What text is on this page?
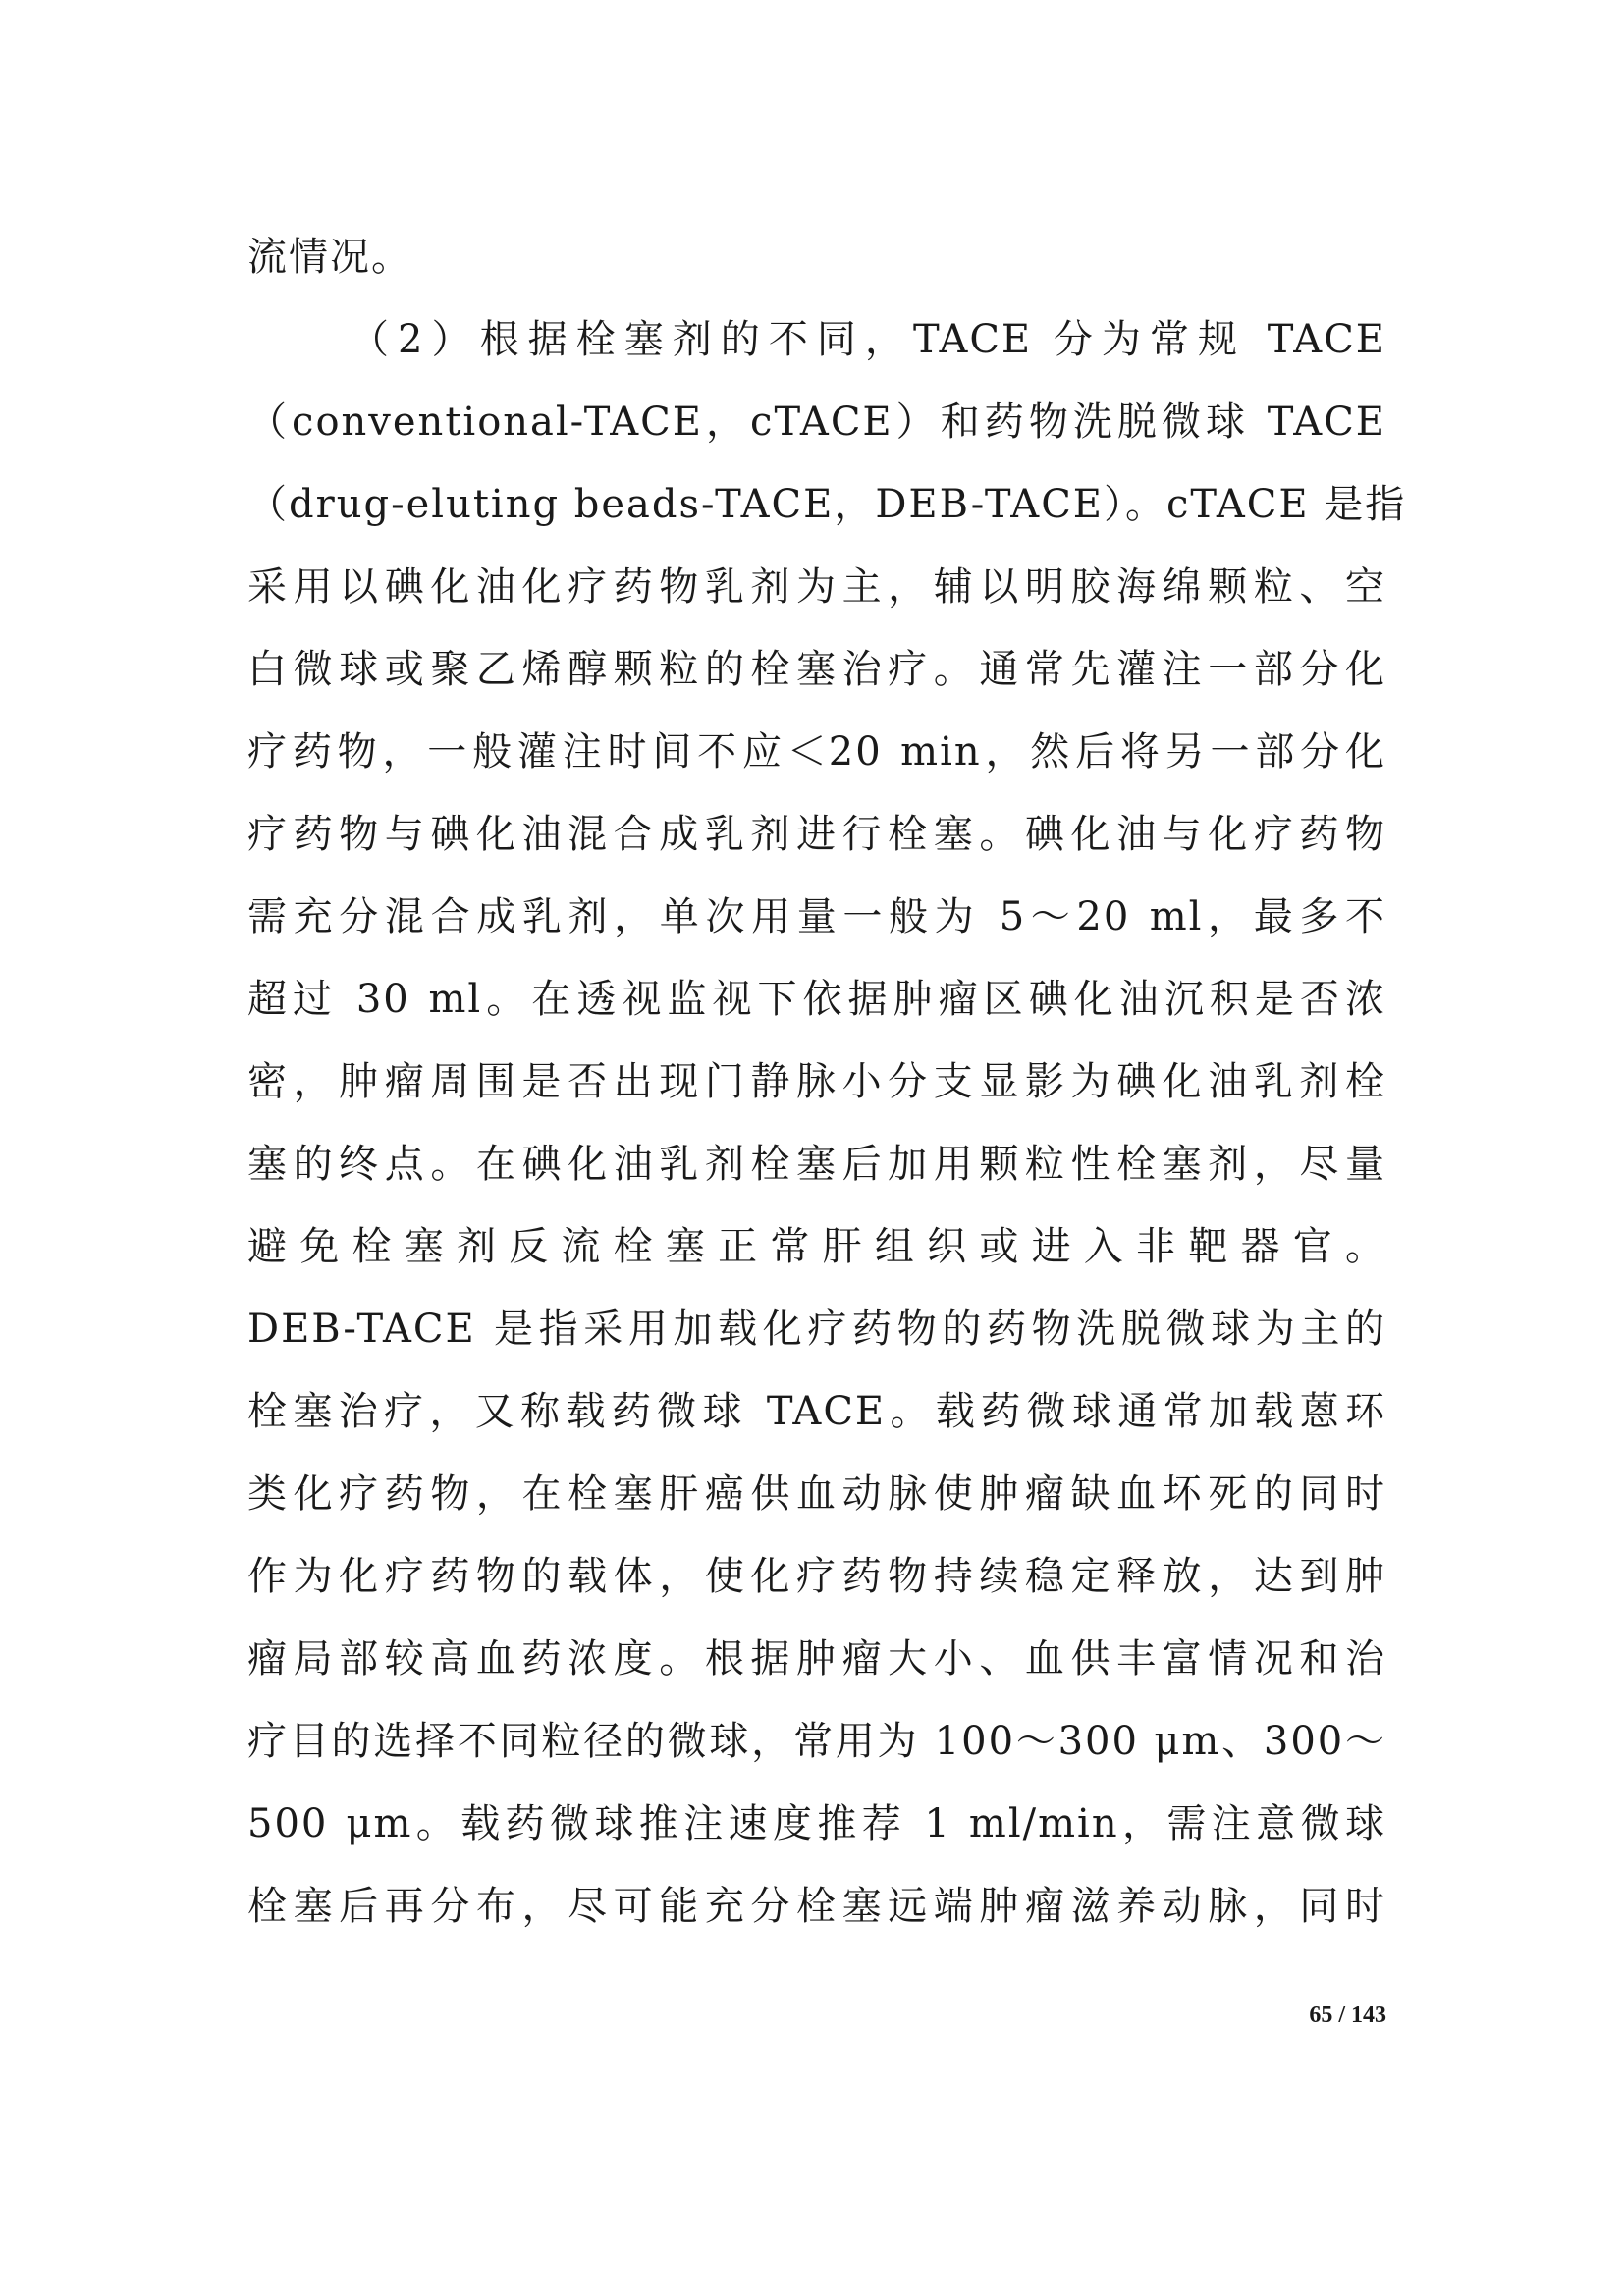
流情况。
（2）根据栓塞剂的不同，TACE 分为常规 TACE
（conventional-TACE，cTACE）和药物洗脱微球 TACE
（drug-eluting beads-TACE，DEB-TACE）。cTACE 是指
采用以碘化油化疗药物乳剂为主，辅以明胶海绵颗粒、空
白微球或聚乙烯醇颗粒的栓塞治疗。通常先灌注一部分化
疗药物，一般灌注时间不应＜20 min，然后将另一部分化
疗药物与碘化油混合成乳剂进行栓塞。碘化油与化疗药物
需充分混合成乳剂，单次用量一般为 5～20 ml，最多不
超过 30 ml。在透视监视下依据肿瘤区碘化油沉积是否浓
密，肿瘤周围是否出现门静脉小分支显影为碘化油乳剂栓
塞的终点。在碘化油乳剂栓塞后加用颗粒性栓塞剂，尽量
避免栓塞剂反流栓塞正常肝组织或进入非靶器官。
DEB-TACE 是指采用加载化疗药物的药物洗脱微球为主的
栓塞治疗，又称载药微球 TACE。载药微球通常加载蒽环
类化疗药物，在栓塞肝癌供血动脉使肿瘤缺血坏死的同时
作为化疗药物的载体，使化疗药物持续稳定释放，达到肿
瘤局部较高血药浓度。根据肿瘤大小、血供丰富情况和治
疗目的选择不同粒径的微球，常用为 100～300 μm、300～
500 μm。载药微球推注速度推荐 1 ml/min，需注意微球
栓塞后再分布，尽可能充分栓塞远端肿瘤滋养动脉，同时
65 / 143
